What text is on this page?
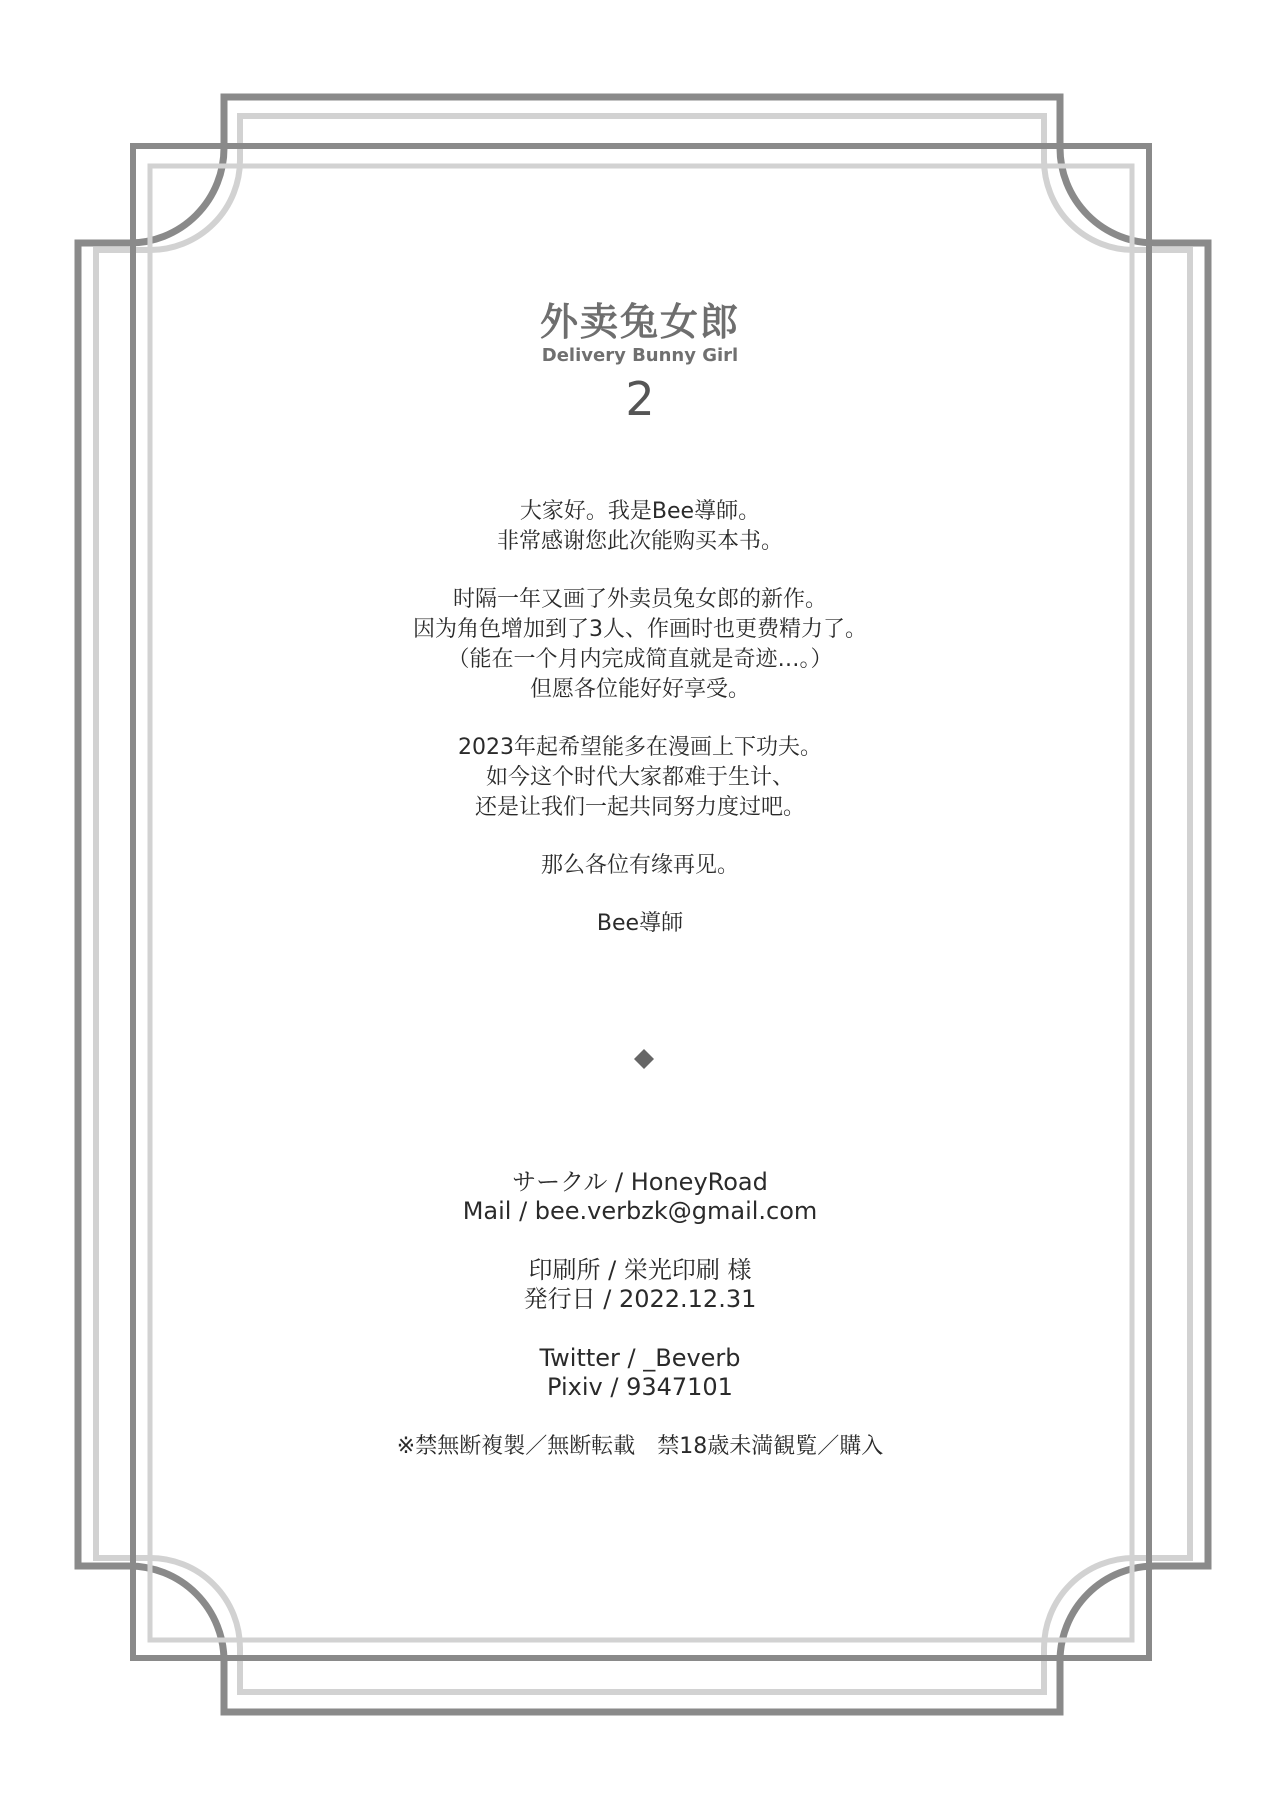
外卖兔女郎
Delivery Bunny Girl
2
大家好。我是Bee導師。
非常感谢您此次能购买本书。
时隔一年又画了外卖员兔女郎的新作。
因为角色增加到了3人、作画时也更费精力了。
（能在一个月内完成简直就是奇迹…。）
但愿各位能好好享受。
2023年起希望能多在漫画上下功夫。
如今这个时代大家都难于生计、
还是让我们一起共同努力度过吧。
那么各位有缘再见。
Bee導師
サークル / HoneyRoad
Mail / bee.verbzk@gmail.com
印刷所 / 栄光印刷 様
発行日 / 2022.12.31
Twitter / _Beverb
Pixiv / 9347101
※禁無断複製／無断転載　禁18歳未満観覧／購入
